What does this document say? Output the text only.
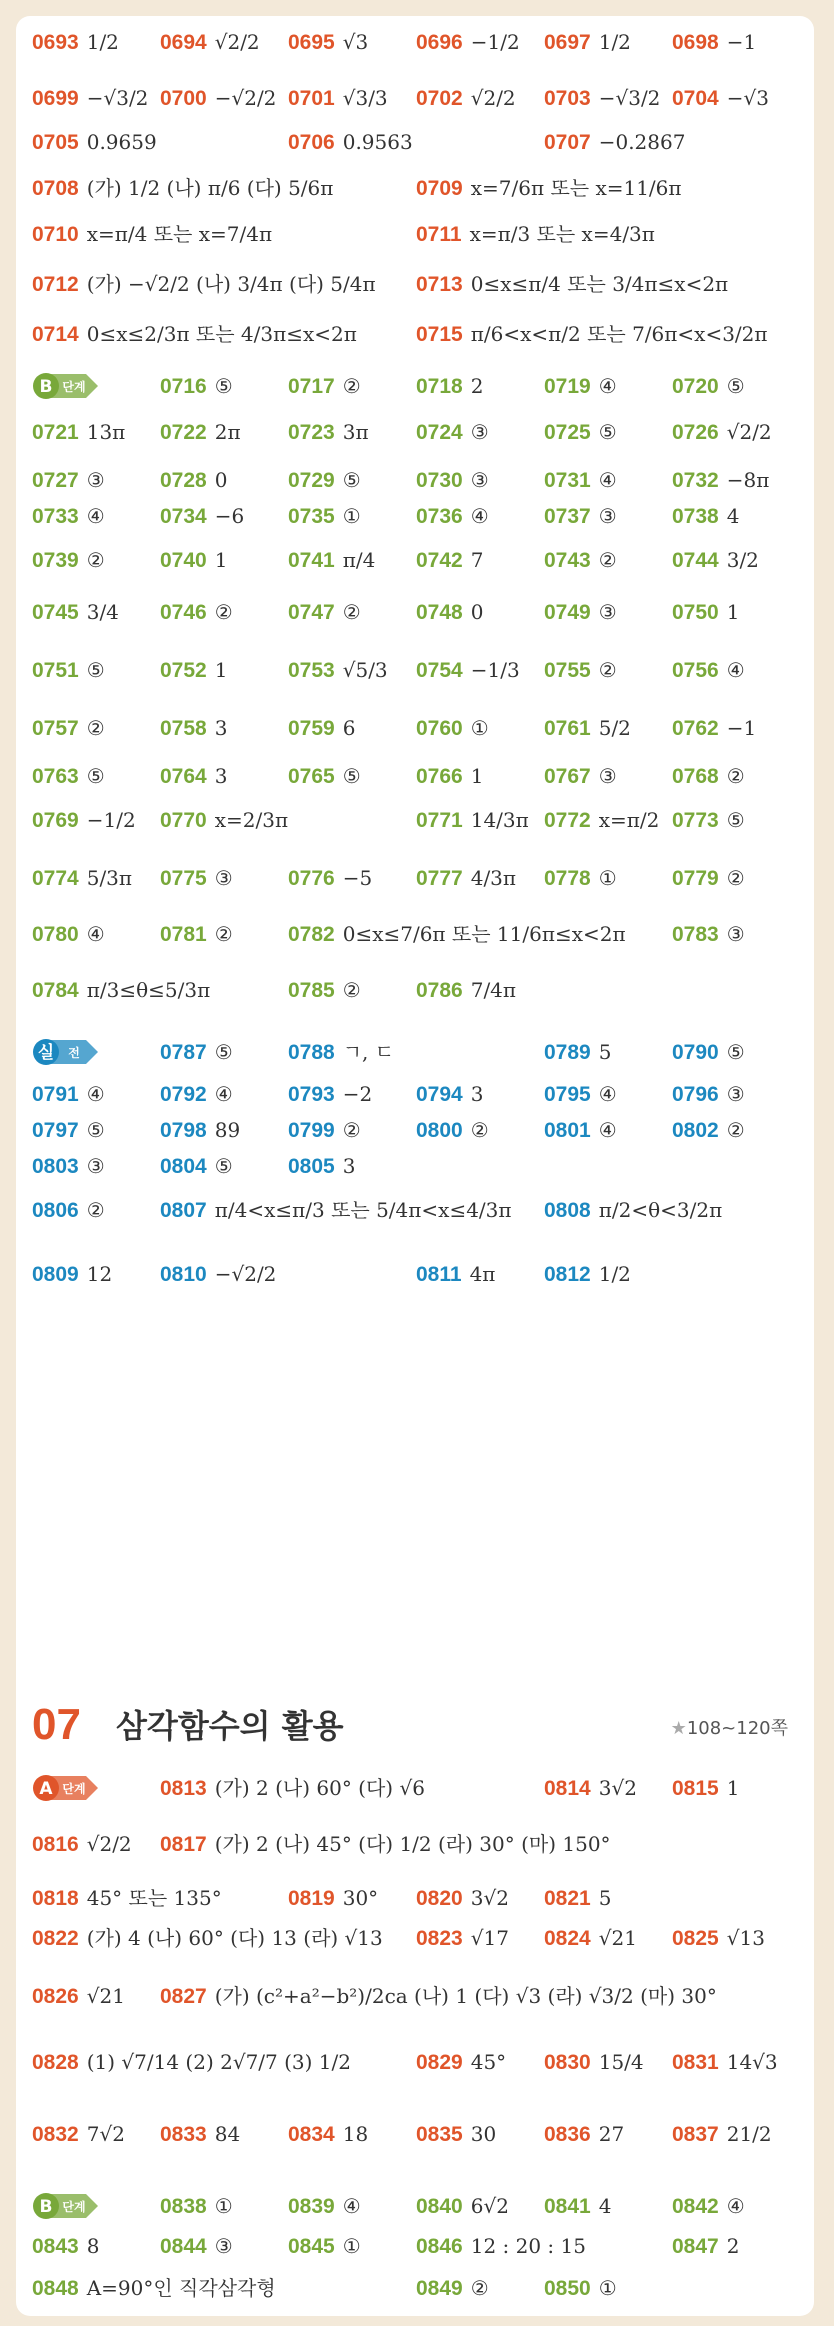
0693 1/2 0694 √2/2 0695 √3 0696 −1/2 0697 1/2 0698 −1
0699 −√3/2 0700 −√2/2 0701 √3/3 0702 √2/2 0703 −√3/2 0704 −√3
0705 0.9659	0706 0.9563	0707 −0.2867
0708 (가) 1/2 (나) π/6 (다) 5/6π	0709 x=7/6π 또는 x=11/6π
0710 x=π/4 또는 x=7/4π	0711 x=π/3 또는 x=4/3π
0712 (가) −√2/2 (나) 3/4π (다) 5/4π 0713 0≤x≤π/4 또는 3/4π≤x<2π
0714 0≤x≤2/3π 또는 4/3π≤x<2π	0715 π/6<x<π/2 또는 7/6π<x<3/2π
B 단계	0716 ⑤	0717 ②	0718 2	0719 ④	0720 ⑤
0721 13π 0722 2π 0723 3π 0724 ③	0725 ⑤	0726 √2/2
0727 ③	0728 0	0729 ⑤	0730 ③	0731 ④	0732 −8π
0733 ④	0734 −6 0735 ①	0736 ④	0737 ③	0738 4
0739 ②	0740 1	0741 π/4 0742 7	0743 ②	0744 3/2
0745 3/4 0746 ②	0747 ②	0748 0	0749 ③	0750 1
0751 ⑤	0752 1	0753 √5/3 0754 −1/3 0755 ②	0756 ④
0757 ②	0758 3	0759 6	0760 ①	0761 5/2 0762 −1
0763 ⑤	0764 3	0765 ⑤	0766 1	0767 ③	0768 ②
0769 −1/2 0770 x=2/3π	0771 14/3π 0772 x=π/2 0773 ⑤
0774 5/3π 0775 ③	0776 −5 0777 4/3π 0778 ①	0779 ②
0780 ④	0781 ②	0782 0≤x≤7/6π 또는 11/6π≤x<2π 0783 ③
0784 π/3≤θ≤5/3π	0785 ②	0786 7/4π
실 전	0787 ⑤	0788 ㄱ, ㄷ	0789 5	0790 ⑤
0791 ④	0792 ④	0793 −2 0794 3	0795 ④	0796 ③
0797 ⑤	0798 89 0799 ②	0800 ②	0801 ④	0802 ②
0803 ③	0804 ⑤	0805 3
0806 ②	0807 π/4<x≤π/3 또는 5/4π<x≤4/3π 0808 π/2<θ<3/2π
0809 12 0810 −√2/2	0811 4π 0812 1/2
A 단계	0813 (가) 2 (나) 60° (다) √6	0814 3√2 0815 1
0816 √2/2 0817 (가) 2 (나) 45° (다) 1/2 (라) 30° (마) 150°
0818 45° 또는 135°	0819 30° 0820 3√2 0821 5
0822 (가) 4 (나) 60° (다) 13 (라) √13 0823 √17 0824 √21 0825 √13
0826 √21 0827 (가) (c²+a²−b²)/2ca (나) 1 (다) √3 (라) √3/2 (마) 30°
0828 (1) √7/14 (2) 2√7/7 (3) 1/2	0829 45° 0830 15/4 0831 14√3
0832 7√2 0833 84 0834 18 0835 30 0836 27 0837 21/2
B 단계	0838 ①	0839 ④	0840 6√2 0841 4	0842 ④
0843 8	0844 ③	0845 ①	0846 12 : 20 : 15	0847 2
0848 A=90°인 직각삼각형	0849 ②	0850 ①
07 삼각함수의 활용	★108~120쪽
